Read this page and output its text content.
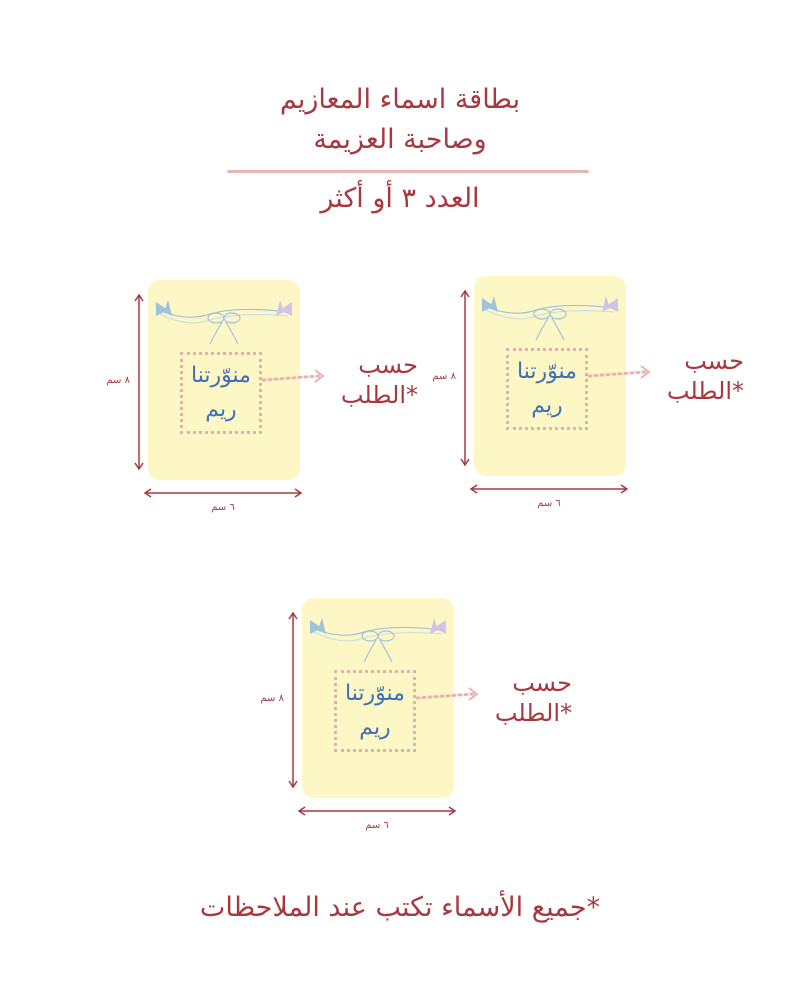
بطاقة اسماء المعازيم
وصاحبة العزيمة
العدد ٣ أو أكثر
٨ سم	منوّرتنا
ريم
حسب
*الطلب
٦ سم
٨ سم	منوّرتنا
ريم
حسب
*الطلب
٦ سم
٨ سم	منوّرتنا
ريم
حسب
*الطلب
٦ سم
*جميع الأسماء تكتب عند الملاحظات
